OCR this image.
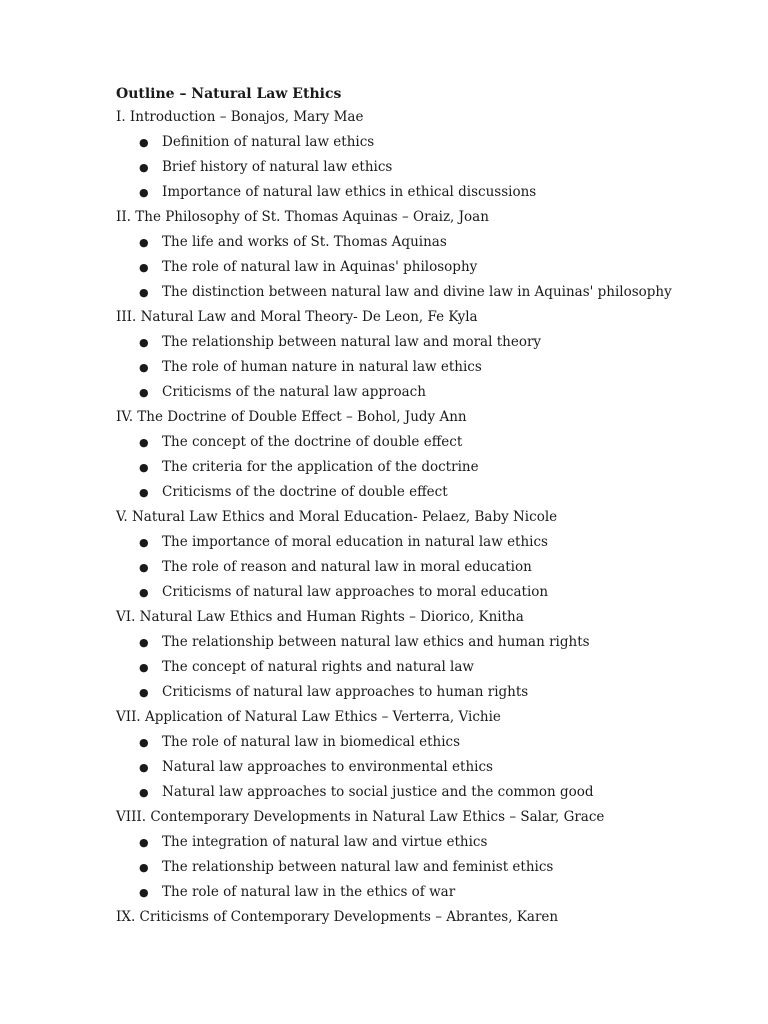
Outline – Natural Law Ethics
I. Introduction – Bonajos, Mary Mae
● Definition of natural law ethics
● Brief history of natural law ethics
● Importance of natural law ethics in ethical discussions
II. The Philosophy of St. Thomas Aquinas – Oraiz, Joan
● The life and works of St. Thomas Aquinas
● The role of natural law in Aquinas' philosophy
● The distinction between natural law and divine law in Aquinas' philosophy
III. Natural Law and Moral Theory- De Leon, Fe Kyla
● The relationship between natural law and moral theory
● The role of human nature in natural law ethics
● Criticisms of the natural law approach
IV. The Doctrine of Double Effect – Bohol, Judy Ann
● The concept of the doctrine of double effect
● The criteria for the application of the doctrine
● Criticisms of the doctrine of double effect
V. Natural Law Ethics and Moral Education- Pelaez, Baby Nicole
● The importance of moral education in natural law ethics
● The role of reason and natural law in moral education
● Criticisms of natural law approaches to moral education
VI. Natural Law Ethics and Human Rights – Diorico, Knitha
● The relationship between natural law ethics and human rights
● The concept of natural rights and natural law
● Criticisms of natural law approaches to human rights
VII. Application of Natural Law Ethics – Verterra, Vichie
● The role of natural law in biomedical ethics
● Natural law approaches to environmental ethics
● Natural law approaches to social justice and the common good
VIII. Contemporary Developments in Natural Law Ethics – Salar, Grace
● The integration of natural law and virtue ethics
● The relationship between natural law and feminist ethics
● The role of natural law in the ethics of war
IX. Criticisms of Contemporary Developments – Abrantes, Karen
